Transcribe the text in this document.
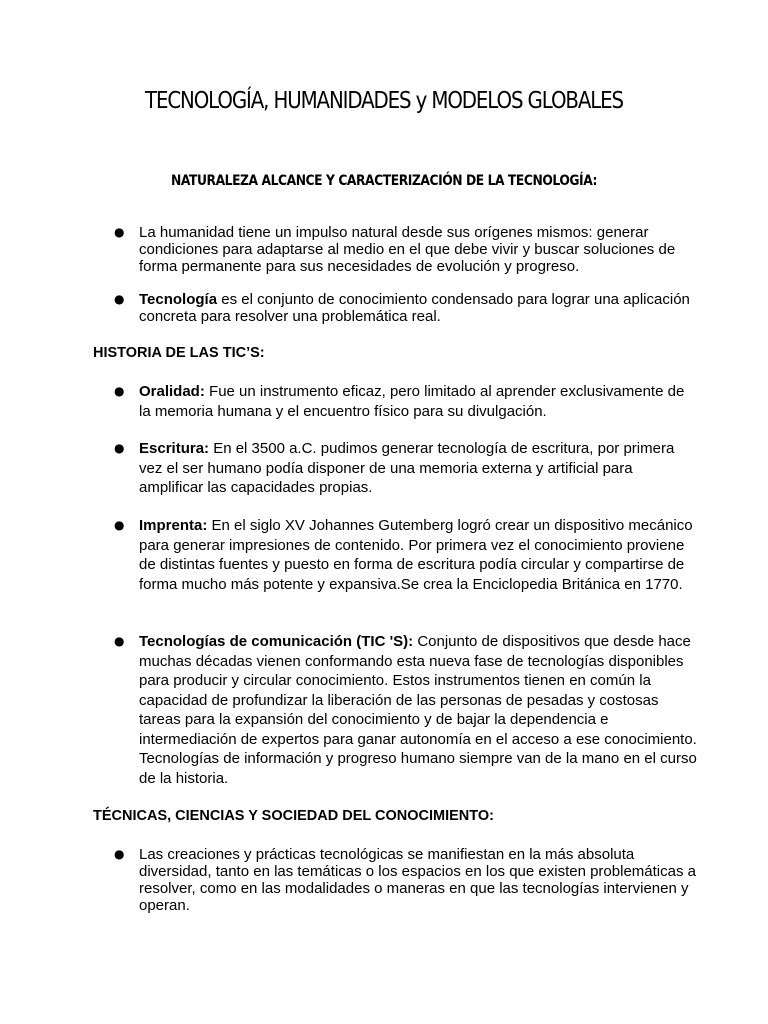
TECNOLOGÍA, HUMANIDADES y MODELOS GLOBALES
NATURALEZA ALCANCE Y CARACTERIZACIÓN DE LA TECNOLOGÍA:

● La humanidad tiene un impulso natural desde sus orígenes mismos: generar condiciones para adaptarse al medio en el que debe vivir y buscar soluciones de forma permanente para sus necesidades de evolución y progreso.

● Tecnología es el conjunto de conocimiento condensado para lograr una aplicación concreta para resolver una problemática real.

HISTORIA DE LAS TIC’S:

● Oralidad: Fue un instrumento eficaz, pero limitado al aprender exclusivamente de la memoria humana y el encuentro físico para su divulgación.

● Escritura: En el 3500 a.C. pudimos generar tecnología de escritura, por primera vez el ser humano podía disponer de una memoria externa y artificial para amplificar las capacidades propias.

● Imprenta: En el siglo XV Johannes Gutemberg logró crear un dispositivo mecánico para generar impresiones de contenido. Por primera vez el conocimiento proviene de distintas fuentes y puesto en forma de escritura podía circular y compartirse de forma mucho más potente y expansiva.Se crea la Enciclopedia Británica en 1770.

● Tecnologías de comunicación (TIC 'S): Conjunto de dispositivos que desde hace muchas décadas vienen conformando esta nueva fase de tecnologías disponibles para producir y circular conocimiento. Estos instrumentos tienen en común la capacidad de profundizar la liberación de las personas de pesadas y costosas tareas para la expansión del conocimiento y de bajar la dependencia e intermediación de expertos para ganar autonomía en el acceso a ese conocimiento. Tecnologías de información y progreso humano siempre van de la mano en el curso de la historia.

TÉCNICAS, CIENCIAS Y SOCIEDAD DEL CONOCIMIENTO:

● Las creaciones y prácticas tecnológicas se manifiestan en la más absoluta diversidad, tanto en las temáticas o los espacios en los que existen problemáticas a resolver, como en las modalidades o maneras en que las tecnologías intervienen y operan.
